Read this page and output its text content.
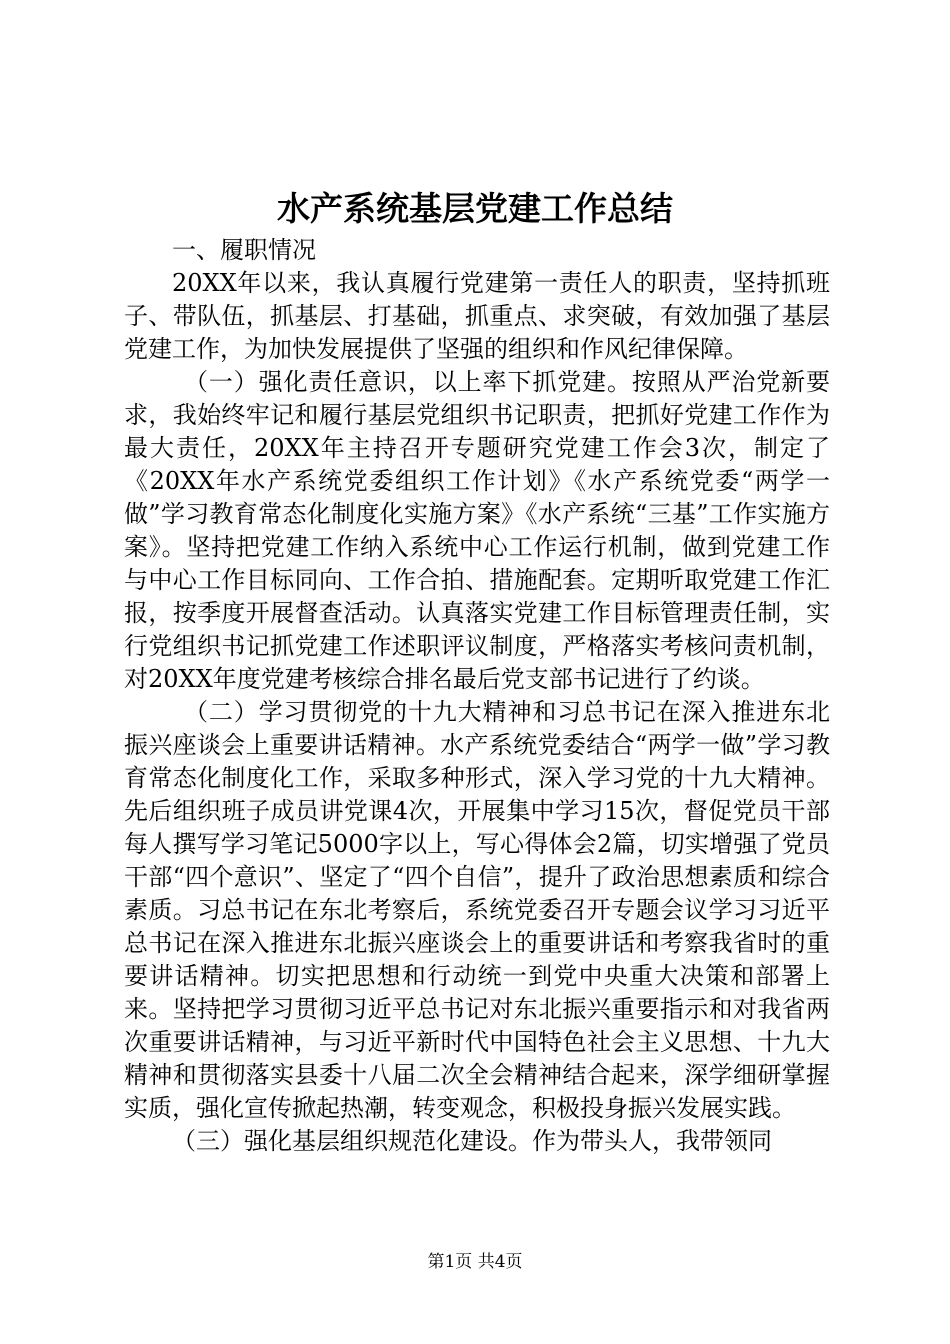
水产系统基层党建工作总结

一、履职情况

20XX年以来，我认真履行党建第一责任人的职责，坚持抓班子、带队伍，抓基层、打基础，抓重点、求突破，有效加强了基层党建工作，为加快发展提供了坚强的组织和作风纪律保障。

（一）强化责任意识，以上率下抓党建。按照从严治党新要求，我始终牢记和履行基层党组织书记职责，把抓好党建工作作为最大责任，20XX年主持召开专题研究党建工作会3次，制定了《20XX年水产系统党委组织工作计划》《水产系统党委“两学一做”学习教育常态化制度化实施方案》《水产系统“三基”工作实施方案》。坚持把党建工作纳入系统中心工作运行机制，做到党建工作与中心工作目标同向、工作合拍、措施配套。定期听取党建工作汇报，按季度开展督查活动。认真落实党建工作目标管理责任制，实行党组织书记抓党建工作述职评议制度，严格落实考核问责机制，对20XX年度党建考核综合排名最后党支部书记进行了约谈。

（二）学习贯彻党的十九大精神和习总书记在深入推进东北振兴座谈会上重要讲话精神。水产系统党委结合“两学一做”学习教育常态化制度化工作，采取多种形式，深入学习党的十九大精神。先后组织班子成员讲党课4次，开展集中学习15次，督促党员干部每人撰写学习笔记5000字以上，写心得体会2篇，切实增强了党员干部“四个意识”、坚定了“四个自信”，提升了政治思想素质和综合素质。习总书记在东北考察后，系统党委召开专题会议学习习近平总书记在深入推进东北振兴座谈会上的重要讲话和考察我省时的重要讲话精神。切实把思想和行动统一到党中央重大决策和部署上来。坚持把学习贯彻习近平总书记对东北振兴重要指示和对我省两次重要讲话精神，与习近平新时代中国特色社会主义思想、十九大精神和贯彻落实县委十八届二次全会精神结合起来，深学细研掌握实质，强化宣传掀起热潮，转变观念，积极投身振兴发展实践。

（三）强化基层组织规范化建设。作为带头人，我带领同

第1页 共4页
